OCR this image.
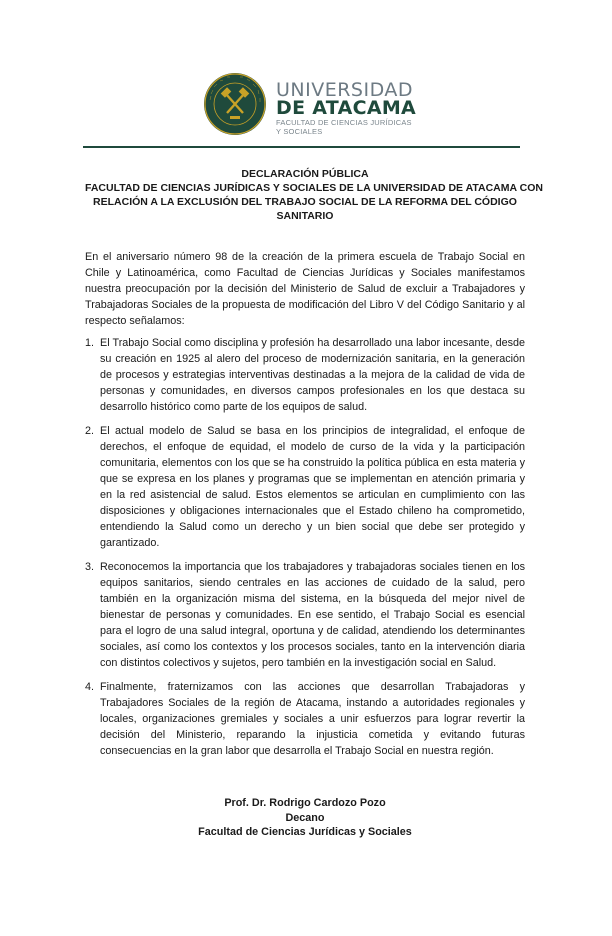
UNIVERSIDAD
DE ATACAMA
FACULTAD DE CIENCIAS JURÍDICAS
Y SOCIALES
DECLARACIÓN PÚBLICA
FACULTAD DE CIENCIAS JURÍDICAS Y SOCIALES DE LA UNIVERSIDAD DE ATACAMA CON
RELACIÓN A LA EXCLUSIÓN DEL TRABAJO SOCIAL DE LA REFORMA DEL CÓDIGO
SANITARIO

En el aniversario número 98 de la creación de la primera escuela de Trabajo Social en Chile y Latinoamérica, como Facultad de Ciencias Jurídicas y Sociales manifestamos nuestra preocupación por la decisión del Ministerio de Salud de excluir a Trabajadores y Trabajadoras Sociales de la propuesta de modificación del Libro V del Código Sanitario y al respecto señalamos:

1. El Trabajo Social como disciplina y profesión ha desarrollado una labor incesante, desde su creación en 1925 al alero del proceso de modernización sanitaria, en la generación de procesos y estrategias interventivas destinadas a la mejora de la calidad de vida de personas y comunidades, en diversos campos profesionales en los que destaca su desarrollo histórico como parte de los equipos de salud.
2. El actual modelo de Salud se basa en los principios de integralidad, el enfoque de derechos, el enfoque de equidad, el modelo de curso de la vida y la participación comunitaria, elementos con los que se ha construido la política pública en esta materia y que se expresa en los planes y programas que se implementan en atención primaria y en la red asistencial de salud. Estos elementos se articulan en cumplimiento con las disposiciones y obligaciones internacionales que el Estado chileno ha comprometido, entendiendo la Salud como un derecho y un bien social que debe ser protegido y garantizado.
3. Reconocemos la importancia que los trabajadores y trabajadoras sociales tienen en los equipos sanitarios, siendo centrales en las acciones de cuidado de la salud, pero también en la organización misma del sistema, en la búsqueda del mejor nivel de bienestar de personas y comunidades. En ese sentido, el Trabajo Social es esencial para el logro de una salud integral, oportuna y de calidad, atendiendo los determinantes sociales, así como los contextos y los procesos sociales, tanto en la intervención diaria con distintos colectivos y sujetos, pero también en la investigación social en Salud.
4. Finalmente, fraternizamos con las acciones que desarrollan Trabajadoras y Trabajadores Sociales de la región de Atacama, instando a autoridades regionales y locales, organizaciones gremiales y sociales a unir esfuerzos para lograr revertir la decisión del Ministerio, reparando la injusticia cometida y evitando futuras consecuencias en la gran labor que desarrolla el Trabajo Social en nuestra región.
Prof. Dr. Rodrigo Cardozo Pozo
Decano
Facultad de Ciencias Jurídicas y Sociales
